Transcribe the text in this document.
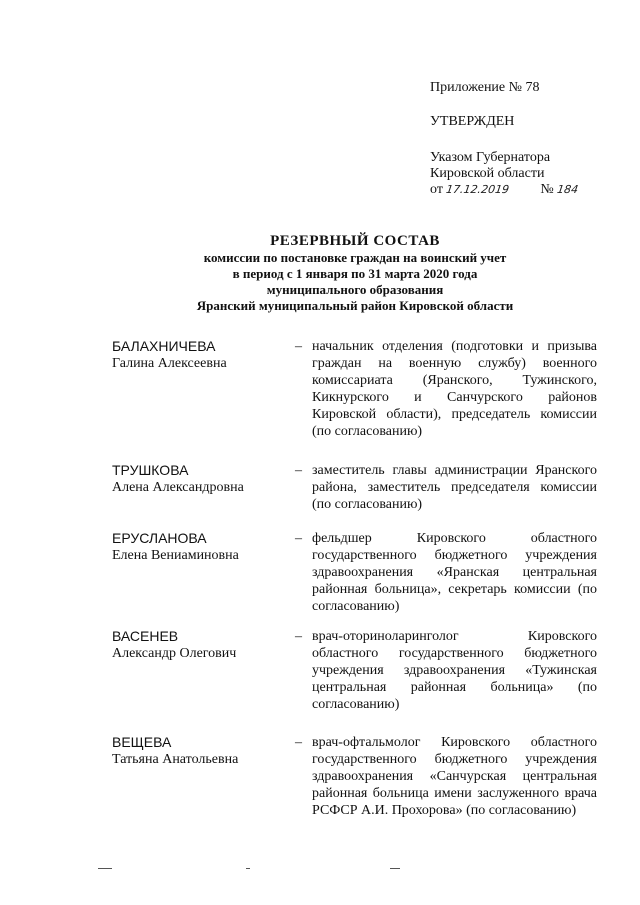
Приложение № 78
УТВЕРЖДЕН
Указом Губернатора
Кировской области
от 17.12.2019 № 184
РЕЗЕРВНЫЙ СОСТАВ
комиссии по постановке граждан на воинский учет
в период с 1 января по 31 марта 2020 года
муниципального образования
Яранский муниципальный район Кировской области
БАЛАХНИЧЕВА
Галина Алексеевна
– начальник отделения (подготовки и призыва граждан на военную службу) военного комиссариата (Яранского, Тужинского, Кикнурского и Санчурского районов Кировской области), председатель комиссии (по согласованию)
ТРУШКОВА
Алена Александровна
– заместитель главы администрации Яранского района, заместитель председателя комиссии (по согласованию)
ЕРУСЛАНОВА
Елена Вениаминовна
– фельдшер Кировского областного государственного бюджетного учреждения здравоохранения «Яранская центральная районная больница», секретарь комиссии (по согласованию)
ВАСЕНЕВ
Александр Олегович
– врач-оториноларинголог Кировского областного государственного бюджетного учреждения здравоохранения «Тужинская центральная районная больница» (по согласованию)
ВЕЩЕВА
Татьяна Анатольевна
– врач-офтальмолог Кировского областного государственного бюджетного учреждения здравоохранения «Санчурская центральная районная больница имени заслуженного врача РСФСР А.И. Прохорова» (по согласованию)
